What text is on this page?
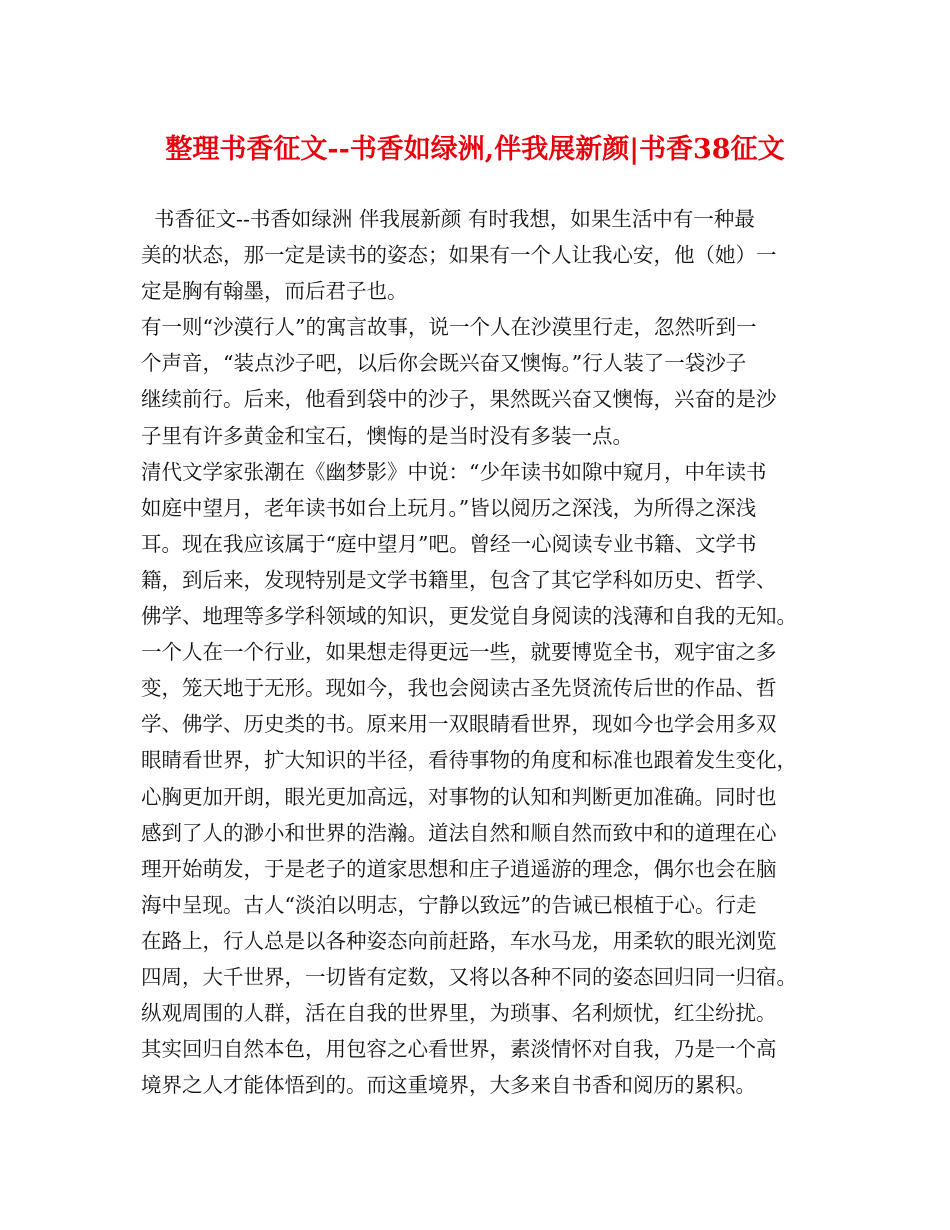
整理书香征文--书香如绿洲,伴我展新颜|书香38征文
书香征文--书香如绿洲 伴我展新颜 有时我想，如果生活中有一种最
美的状态，那一定是读书的姿态；如果有一个人让我心安，他（她）一
定是胸有翰墨，而后君子也。
有一则“沙漠行人”的寓言故事，说一个人在沙漠里行走，忽然听到一
个声音，“装点沙子吧，以后你会既兴奋又懊悔。”行人装了一袋沙子
继续前行。后来，他看到袋中的沙子，果然既兴奋又懊悔，兴奋的是沙
子里有许多黄金和宝石，懊悔的是当时没有多装一点。
清代文学家张潮在《幽梦影》中说：“少年读书如隙中窥月，中年读书
如庭中望月，老年读书如台上玩月。”皆以阅历之深浅，为所得之深浅
耳。现在我应该属于“庭中望月”吧。曾经一心阅读专业书籍、文学书
籍，到后来，发现特别是文学书籍里，包含了其它学科如历史、哲学、
佛学、地理等多学科领域的知识，更发觉自身阅读的浅薄和自我的无知。
一个人在一个行业，如果想走得更远一些，就要博览全书，观宇宙之多
变，笼天地于无形。现如今，我也会阅读古圣先贤流传后世的作品、哲
学、佛学、历史类的书。原来用一双眼睛看世界，现如今也学会用多双
眼睛看世界，扩大知识的半径，看待事物的角度和标准也跟着发生变化，
心胸更加开朗，眼光更加高远，对事物的认知和判断更加准确。同时也
感到了人的渺小和世界的浩瀚。道法自然和顺自然而致中和的道理在心
理开始萌发，于是老子的道家思想和庄子逍遥游的理念，偶尔也会在脑
海中呈现。古人“淡泊以明志，宁静以致远”的告诫已根植于心。行走
在路上，行人总是以各种姿态向前赶路，车水马龙，用柔软的眼光浏览
四周，大千世界，一切皆有定数，又将以各种不同的姿态回归同一归宿。
纵观周围的人群，活在自我的世界里，为琐事、名利烦忧，红尘纷扰。
其实回归自然本色，用包容之心看世界，素淡情怀对自我，乃是一个高
境界之人才能体悟到的。而这重境界，大多来自书香和阅历的累积。
